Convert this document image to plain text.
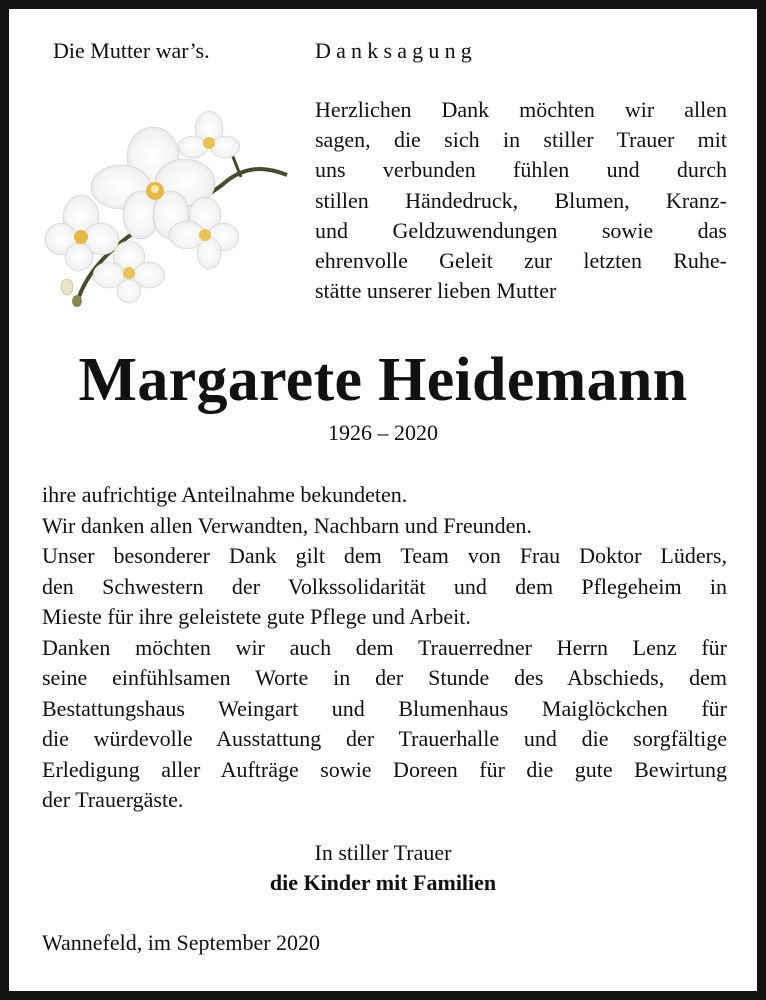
Die Mutter war’s.	Danksagung
Herzlichen Dank möchten wir allen
sagen, die sich in stiller Trauer mit
uns verbunden fühlen und durch
stillen Händedruck, Blumen, Kranz-
und Geldzuwendungen sowie das
ehrenvolle Geleit zur letzten Ruhe-
stätte unserer lieben Mutter
Margarete Heidemann
1926 – 2020

ihre aufrichtige Anteilnahme bekundeten.

Wir danken allen Verwandten, Nachbarn und Freunden.

Unser besonderer Dank gilt dem Team von Frau Doktor Lüders,

den Schwestern der Volkssolidarität und dem Pflegeheim in

Mieste für ihre geleistete gute Pflege und Arbeit.

Danken möchten wir auch dem Trauerredner Herrn Lenz für

seine einfühlsamen Worte in der Stunde des Abschieds, dem

Bestattungshaus Weingart und Blumenhaus Maiglöckchen für

die würdevolle Ausstattung der Trauerhalle und die sorgfältige

Erledigung aller Aufträge sowie Doreen für die gute Bewirtung

der Trauergäste.

In stiller Trauer
die Kinder mit Familien
Wannefeld, im September 2020
